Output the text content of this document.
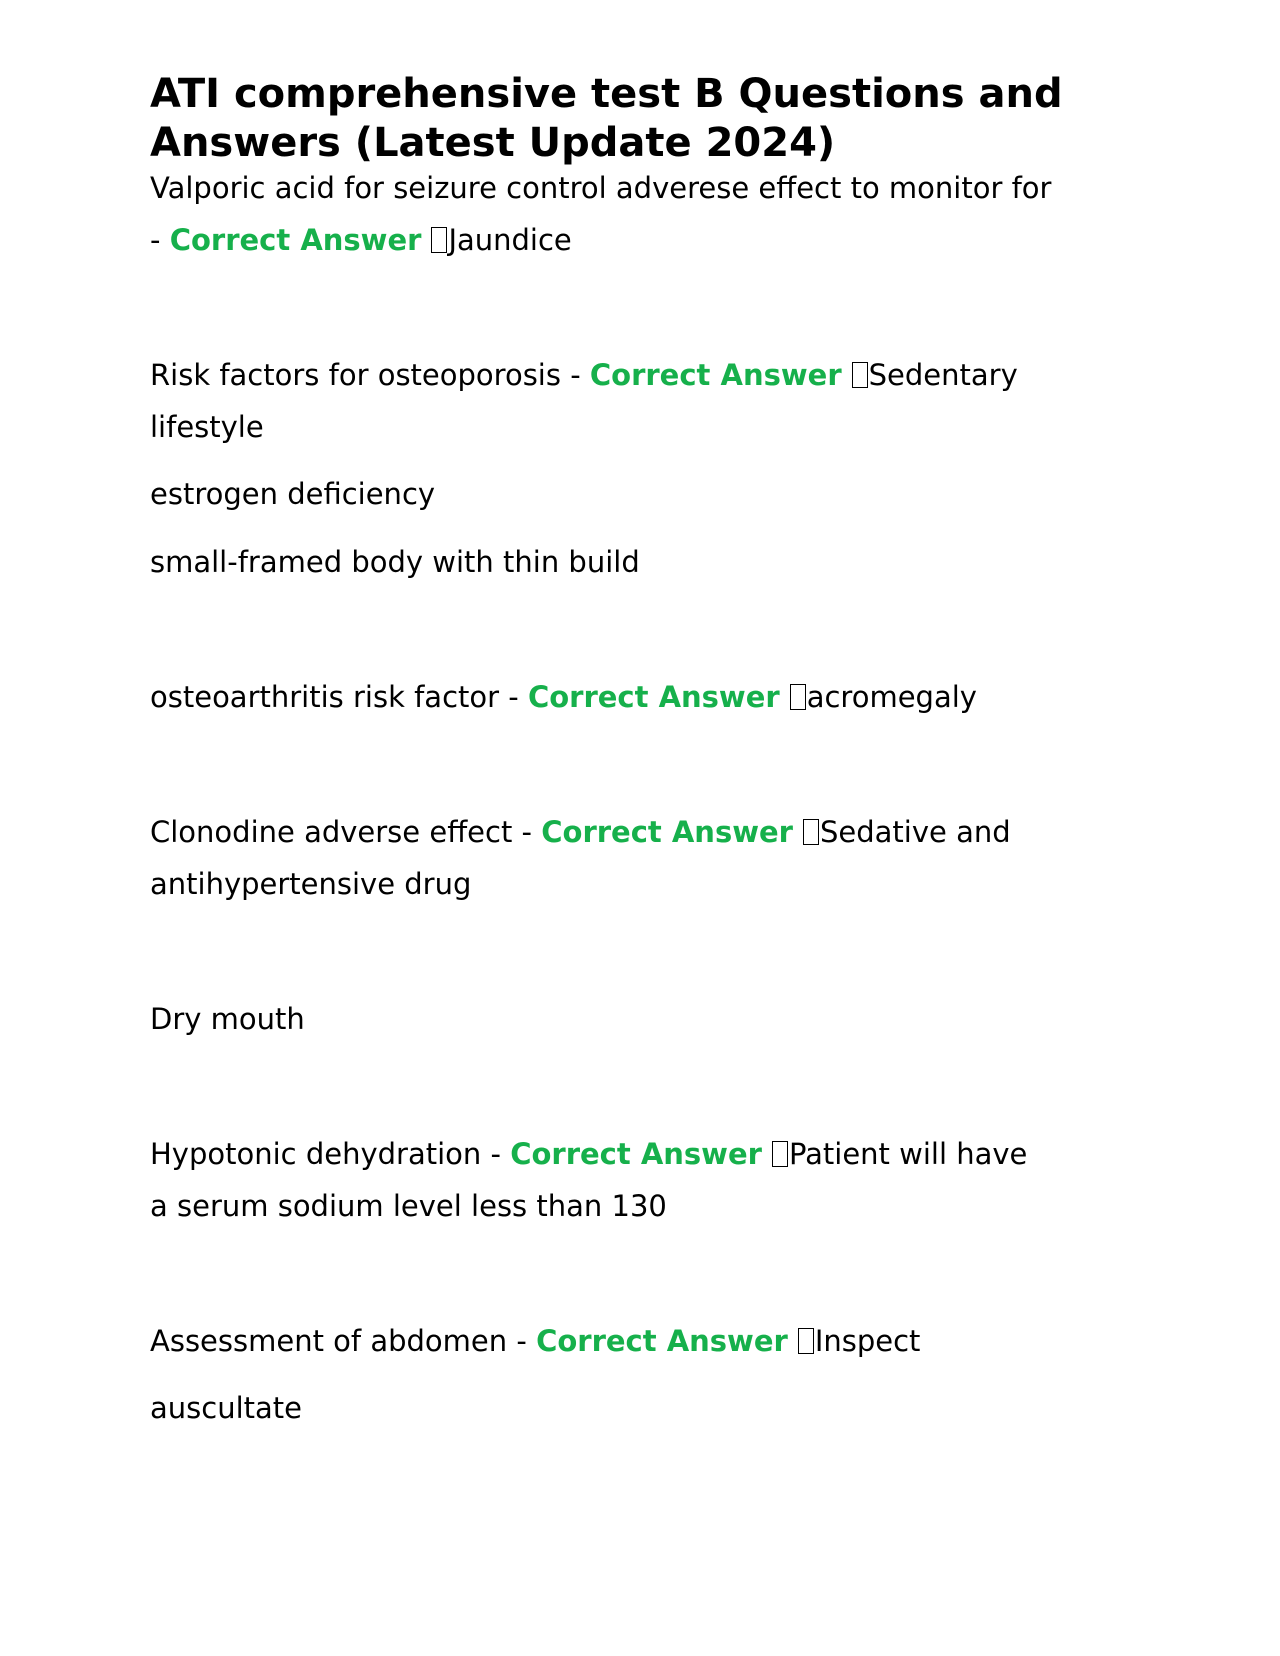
ATI comprehensive test B Questions and Answers (Latest Update 2024)

Valporic acid for seizure control adverese effect to monitor for

- Correct Answer Jaundice

Risk factors for osteoporosis - Correct Answer Sedentary

lifestyle

estrogen deficiency

small-framed body with thin build

osteoarthritis risk factor - Correct Answer acromegaly

Clonodine adverse effect - Correct Answer Sedative and

antihypertensive drug

Dry mouth

Hypotonic dehydration - Correct Answer Patient will have

a serum sodium level less than 130

Assessment of abdomen - Correct Answer Inspect

auscultate
